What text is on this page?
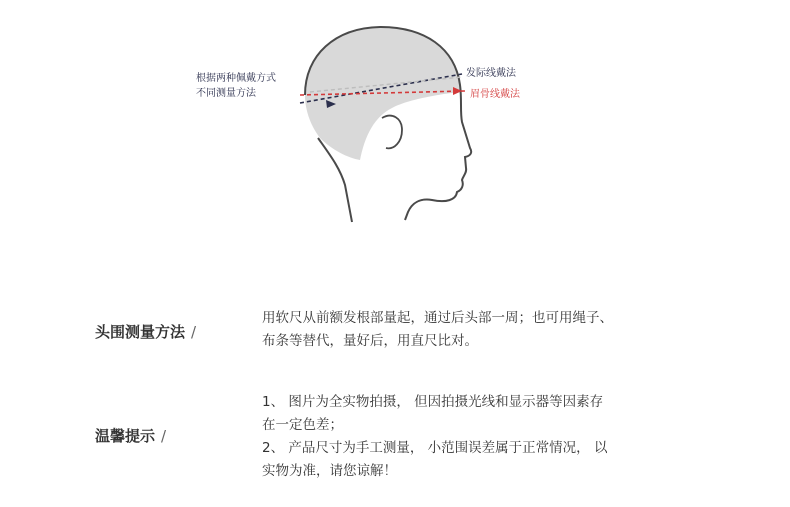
根据两种佩戴方式
不同测量方法
发际线戴法
眉骨线戴法
头围测量方法 /

用软尺从前额发根部量起，通过后头部一周；也可用绳子、

布条等替代，量好后，用直尺比对。

温馨提示 /

1、 图片为全实物拍摄， 但因拍摄光线和显示器等因素存

在一定色差；

2、 产品尺寸为手工测量， 小范围误差属于正常情况， 以

实物为准，请您谅解！
